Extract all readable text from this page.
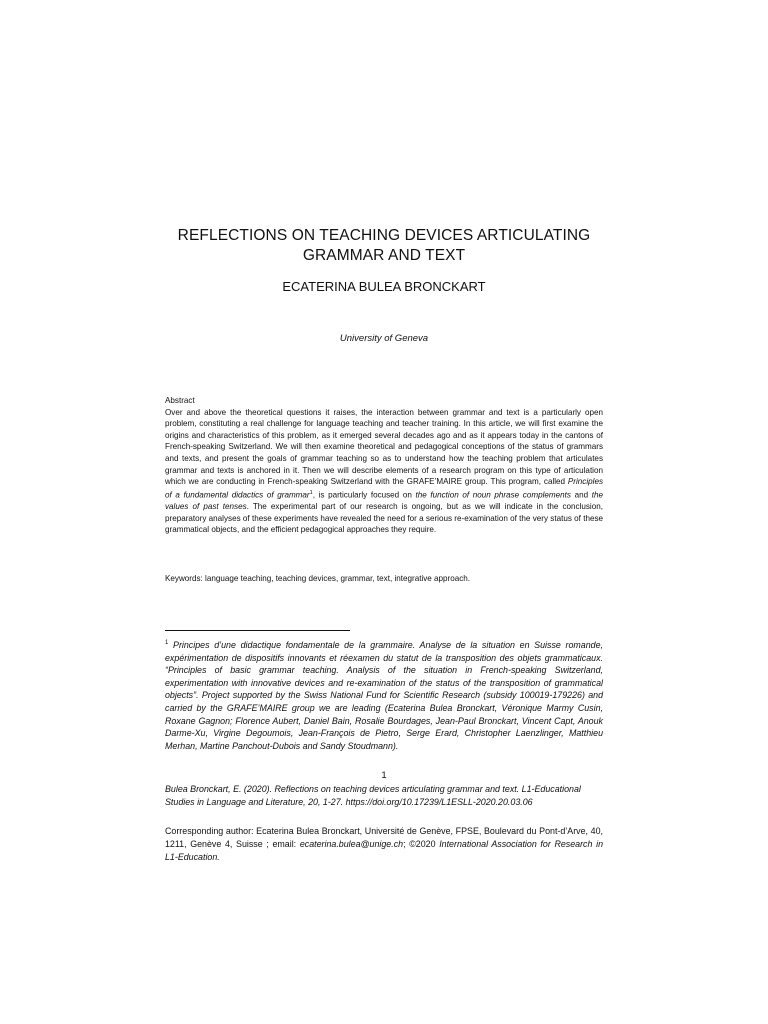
REFLECTIONS ON TEACHING DEVICES ARTICULATING
GRAMMAR AND TEXT
ECATERINA BULEA BRONCKART
University of Geneva
Abstract

Over and above the theoretical questions it raises, the interaction between grammar and text is a particularly open problem, constituting a real challenge for language teaching and teacher training. In this article, we will first examine the origins and characteristics of this problem, as it emerged several decades ago and as it appears today in the cantons of French-speaking Switzerland. We will then examine theoretical and pedagogical conceptions of the status of grammars and texts, and present the goals of grammar teaching so as to understand how the teaching problem that articulates grammar and texts is anchored in it. Then we will describe elements of a research program on this type of articulation which we are conducting in French-speaking Switzerland with the GRAFE’MAIRE group. This program, called Principles of a fundamental didactics of grammar$^1$, is particularly focused on the function of noun phrase complements and the values of past tenses. The experimental part of our research is ongoing, but as we will indicate in the conclusion, preparatory analyses of these experiments have revealed the need for a serious re-examination of the very status of these grammatical objects, and the efficient pedagogical approaches they require.

Keywords: language teaching, teaching devices, grammar, text, integrative approach.
$^1$ Principes d’une didactique fondamentale de la grammaire. Analyse de la situation en Suisse romande, expérimentation de dispositifs innovants et réexamen du statut de la transposition des objets grammaticaux. “Principles of basic grammar teaching. Analysis of the situation in French-speaking Switzerland, experimentation with innovative devices and re-examination of the status of the transposition of grammatical objects”. Project supported by the Swiss National Fund for Scientific Research (subsidy 100019-179226) and carried by the GRAFE’MAIRE group we are leading (Ecaterina Bulea Bronckart, Véronique Marmy Cusin, Roxane Gagnon; Florence Aubert, Daniel Bain, Rosalie Bourdages, Jean-Paul Bronckart, Vincent Capt, Anouk Darme-Xu, Virgine Degoumois, Jean-François de Pietro, Serge Erard, Christopher Laenzlinger, Matthieu Merhan, Martine Panchout-Dubois and Sandy Stoudmann).
1
Bulea Bronckart, E. (2020). Reflections on teaching devices articulating grammar and text. L1-Educational Studies in Language and Literature, 20, 1-27. https://doi.org/10.17239/L1ESLL-2020.20.03.06
Corresponding author: Ecaterina Bulea Bronckart, Université de Genève, FPSE, Boulevard du Pont-d’Arve, 40, 1211, Genève 4, Suisse ; email: ecaterina.bulea@unige.ch; ©2020 International Association for Research in L1-Education.
